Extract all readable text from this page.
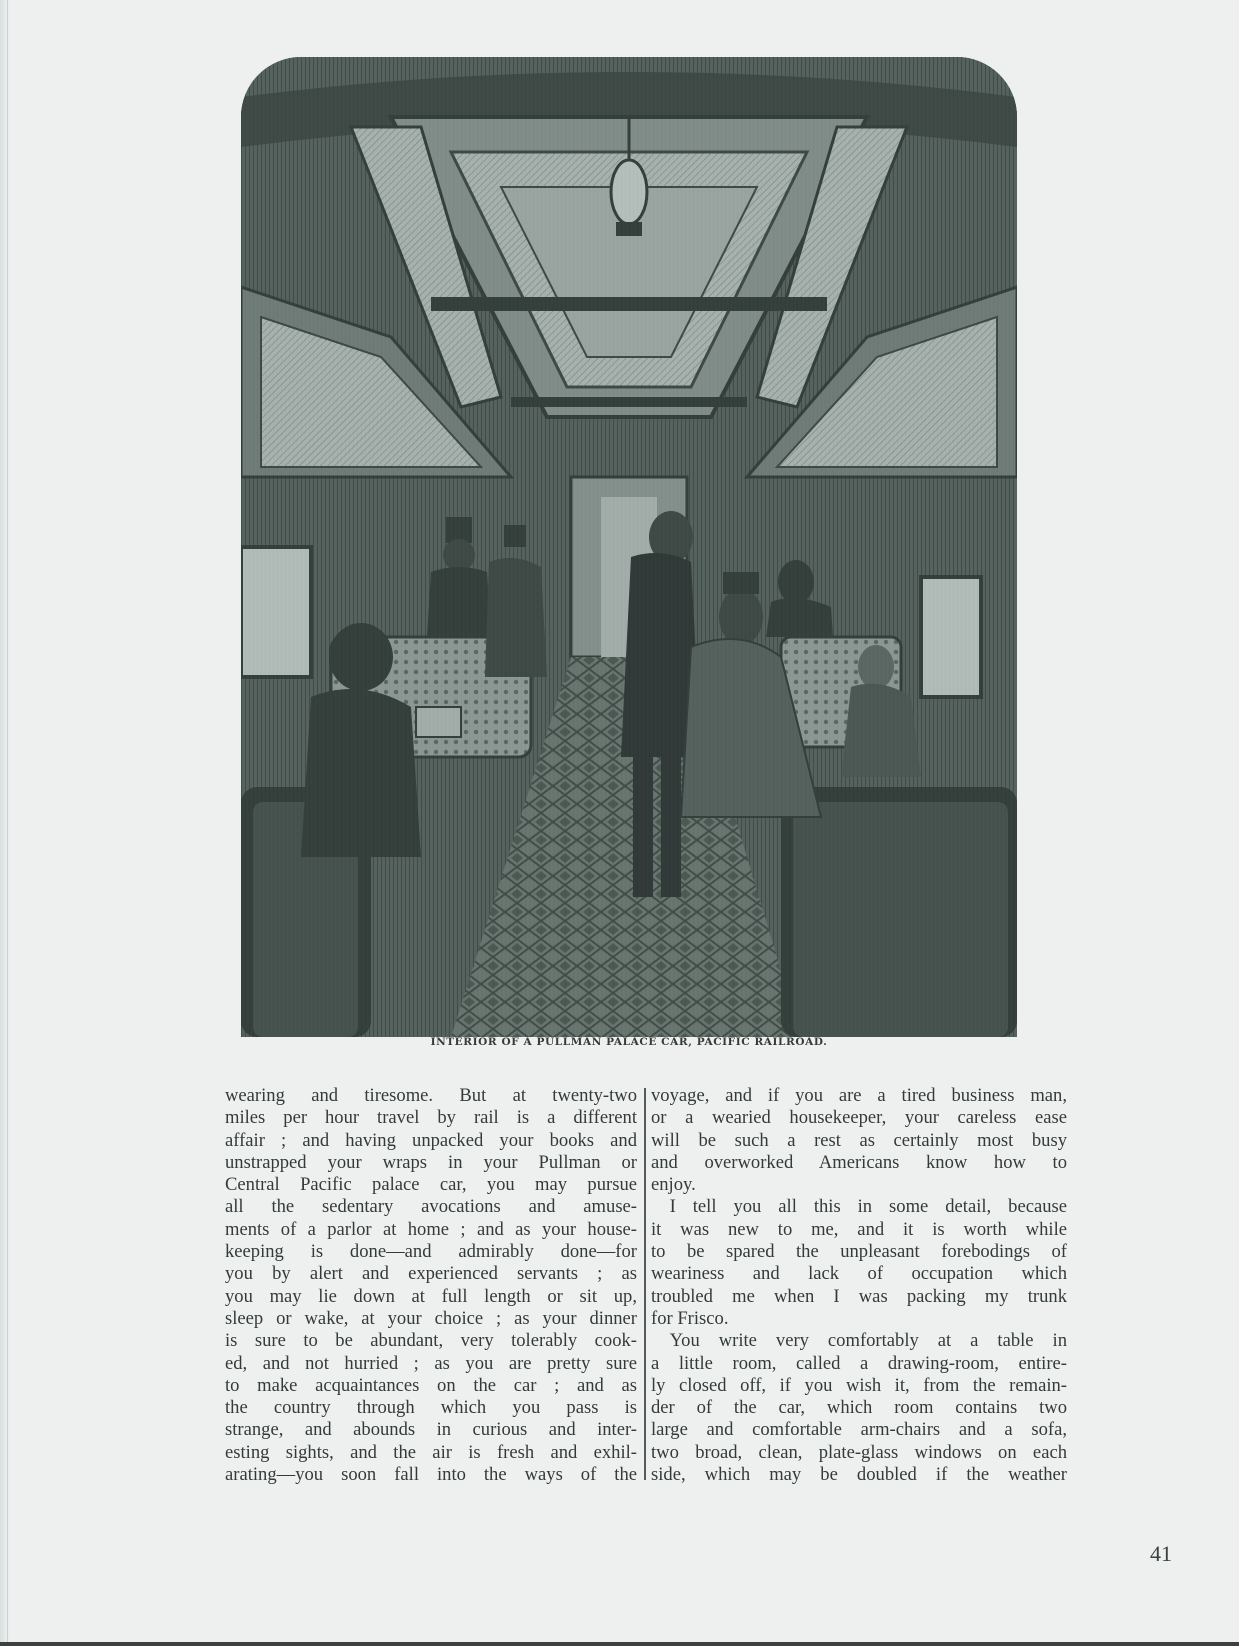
INTERIOR OF A PULLMAN PALACE CAR, PACIFIC RAILROAD.
wearing and tiresome. But at twenty-two
miles per hour travel by rail is a different
affair ; and having unpacked your books and
unstrapped your wraps in your Pullman or
Central Pacific palace car, you may pursue
all the sedentary avocations and amuse-
ments of a parlor at home ; and as your house-
keeping is done—and admirably done—for
you by alert and experienced servants ; as
you may lie down at full length or sit up,
sleep or wake, at your choice ; as your dinner
is sure to be abundant, very tolerably cook-
ed, and not hurried ; as you are pretty sure
to make acquaintances on the car ; and as
the country through which you pass is
strange, and abounds in curious and inter-
esting sights, and the air is fresh and exhil-
arating—you soon fall into the ways of the
voyage, and if you are a tired business man,
or a wearied housekeeper, your careless ease
will be such a rest as certainly most busy
and overworked Americans know how to
enjoy.
 I tell you all this in some detail, because
it was new to me, and it is worth while
to be spared the unpleasant forebodings of
weariness and lack of occupation which
troubled me when I was packing my trunk
for Frisco.
 You write very comfortably at a table in
a little room, called a drawing-room, entire-
ly closed off, if you wish it, from the remain-
der of the car, which room contains two
large and comfortable arm-chairs and a sofa,
two broad, clean, plate-glass windows on each
side, which may be doubled if the weather
41
